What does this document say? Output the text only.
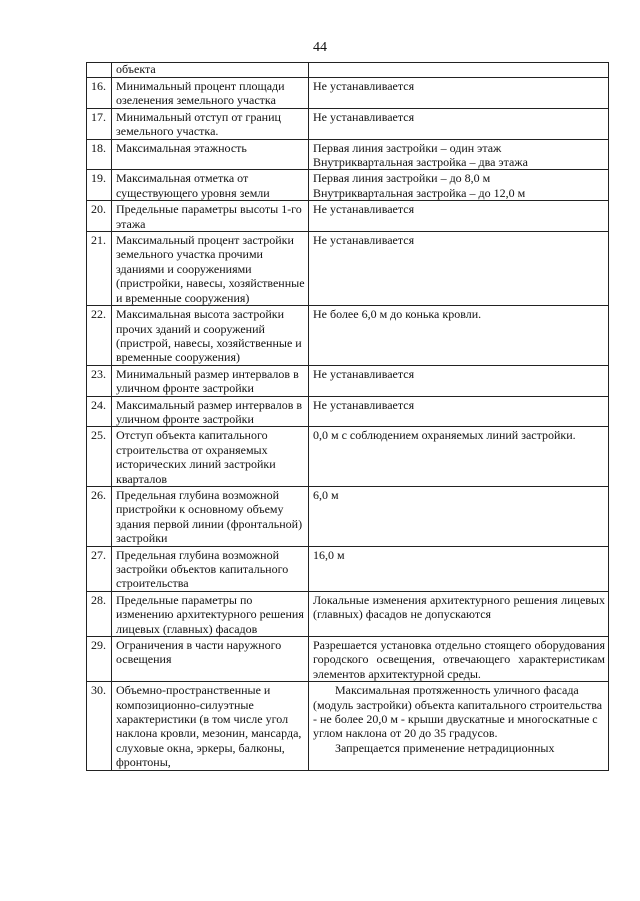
44
	объекта	
16.	Минимальный процент площади озеленения земельного участка	Не устанавливается

17.	Минимальный отступ от границ земельного участка.	Не устанавливается

18.	Максимальная этажность	Первая линия застройки – один этаж
Внутриквартальная застройка – два этажа

19.	Максимальная отметка от существующего уровня земли	Первая линия застройки – до 8,0 м
Внутриквартальная застройка – до 12,0 м

20.	Предельные параметры высоты 1-го этажа	Не устанавливается

21.	Максимальный процент застройки земельного участка прочими зданиями и сооружениями (пристройки, навесы, хозяйственные и временные сооружения)	Не устанавливается

22.	Максимальная высота застройки прочих зданий и сооружений (пристрой, навесы, хозяйственные и временные сооружения)	Не более 6,0 м до конька кровли.

23.	Минимальный размер интервалов в уличном фронте застройки	Не устанавливается

24.	Максимальный размер интервалов в уличном фронте застройки	Не устанавливается

25.	Отступ объекта капитального строительства от охраняемых исторических линий застройки кварталов	0,0 м с соблюдением охраняемых линий застройки.

26.	Предельная глубина возможной пристройки к основному объему здания первой линии (фронтальной) застройки	6,0 м

27.	Предельная глубина возможной застройки объектов капитального строительства	16,0 м

28.	Предельные параметры по изменению архитектурного решения лицевых (главных) фасадов	Локальные изменения архитектурного решения лицевых (главных) фасадов не допускаются
29.	Ограничения в части наружного освещения	Разрешается установка отдельно стоящего оборудования городского освещения, отвечающего характеристикам элементов архитектурной среды.
30.	Объемно-пространственные и композиционно-силуэтные характеристики (в том числе угол наклона кровли, мезонин, мансарда, слуховые окна, эркеры, балконы, фронтоны,	Максимальная протяженность уличного фасада (модуль застройки) объекта капитального строительства - не более 20,0 м - крыши двускатные и многоскатные с углом наклона от 20 до 35 градусов.
Запрещается применение нетрадиционных
